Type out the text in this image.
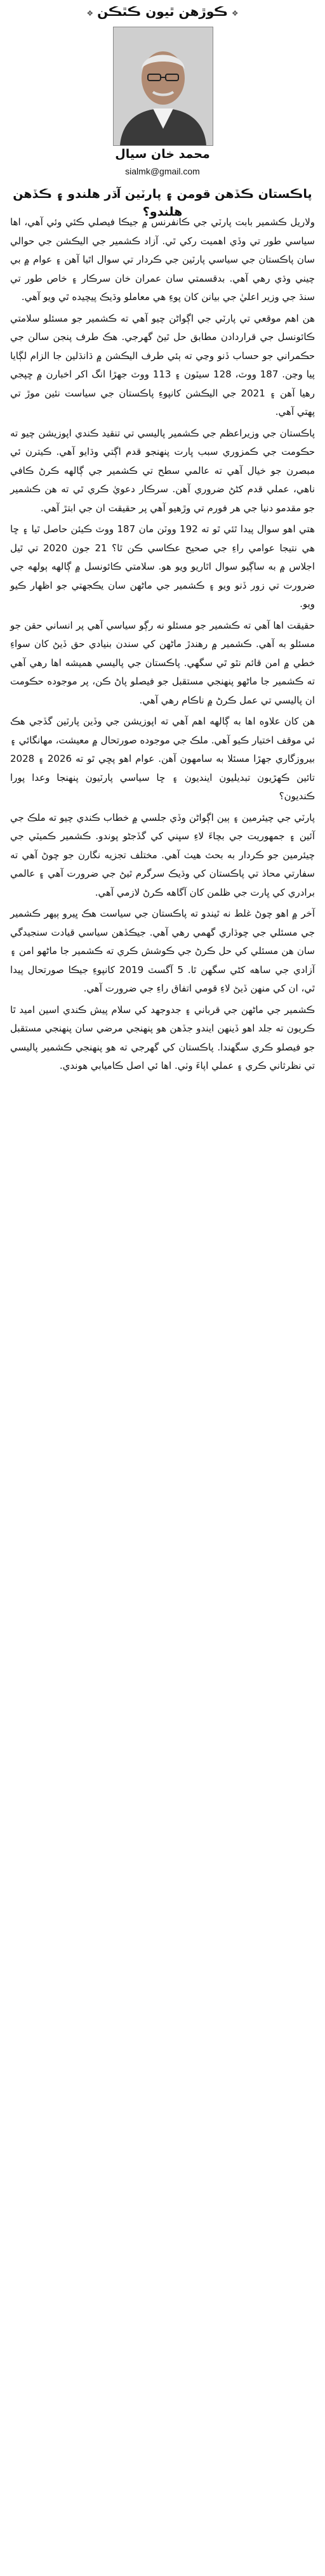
❖ڪوڙهن ٿيون ڪٿڪن❖
محمد خان سيال
sialmk@gmail.com
پاڪستان ڪڏهن قومن ۽ پارٽين آڌر هلندو ۽ ڪڏهن هلندو؟

ولاريل ڪشمير بابت پارٽي جي ڪانفرنس ۾ جيڪا فيصلي ڪئي وئي آهي، اها سياسي طور تي وڏي اهميت رکي ٿي. آزاد ڪشمير جي اليڪشن جي حوالي سان پاڪستان جي سياسي پارٽين جي ڪردار تي سوال اٿيا آهن ۽ عوام ۾ بي چيني وڌي رهي آهي. بدقسمتي سان عمران خان سرڪار ۽ خاص طور تي سنڌ جي وزير اعليٰ جي بيانن کان پوءِ هي معاملو وڌيڪ پيچيده ٿي ويو آهي.

هن اهم موقعي تي پارٽي جي اڳواڻن چيو آهي ته ڪشمير جو مسئلو سلامتي ڪائونسل جي قراردادن مطابق حل ٿيڻ گهرجي. هڪ طرف پنجن سالن جي حڪمراني جو حساب ڏنو وڃي ته ٻئي طرف اليڪشن ۾ ڌانڌلين جا الزام لڳايا پيا وڃن. 187 ووٽ، 128 سيٽون ۽ 113 ووٽ جهڙا انگ اکر اخبارن ۾ ڇپجي رهيا آهن ۽ 2021 جي اليڪشن کانپوءِ پاڪستان جي سياست نئين موڙ تي پهتي آهي.

پاڪستان جي وزيراعظم جي ڪشمير پاليسي تي تنقيد ڪندي اپوزيشن چيو ته حڪومت جي ڪمزوري سبب ڀارت پنهنجو قدم اڳتي وڌايو آهي. ڪيترن ئي مبصرن جو خيال آهي ته عالمي سطح تي ڪشمير جي ڳالهه ڪرڻ ڪافي ناهي، عملي قدم کڻڻ ضروري آهن. سرڪار دعويٰ ڪري ٿي ته هن ڪشمير جو مقدمو دنيا جي هر فورم تي وڙهيو آهي پر حقيقت ان جي ابتڙ آهي.

هتي اهو سوال پيدا ٿئي ٿو ته 192 ووٽن مان 187 ووٽ ڪيئن حاصل ٿيا ۽ ڇا هي نتيجا عوامي راءِ جي صحيح عڪاسي ڪن ٿا؟ 21 جون 2020 تي ٿيل اجلاس ۾ به ساڳيو سوال اٿاريو ويو هو. سلامتي ڪائونسل ۾ ڳالهه ٻولهه جي ضرورت تي زور ڏنو ويو ۽ ڪشمير جي ماڻهن سان يڪجهتي جو اظهار ڪيو ويو.

حقيقت اها آهي ته ڪشمير جو مسئلو نه رڳو سياسي آهي پر انساني حقن جو مسئلو به آهي. ڪشمير ۾ رهندڙ ماڻهن کي سندن بنيادي حق ڏيڻ کان سواءِ خطي ۾ امن قائم نٿو ٿي سگهي. پاڪستان جي پاليسي هميشه اها رهي آهي ته ڪشمير جا ماڻهو پنهنجي مستقبل جو فيصلو پاڻ ڪن، پر موجوده حڪومت ان پاليسي تي عمل ڪرڻ ۾ ناڪام رهي آهي.

هن کان علاوه اها به ڳالهه اهم آهي ته اپوزيشن جي وڏين پارٽين گڏجي هڪ ئي موقف اختيار ڪيو آهي. ملڪ جي موجوده صورتحال ۾ معيشت، مهانگائي ۽ بيروزگاري جهڙا مسئلا به سامهون آهن. عوام اهو پڇي ٿو ته 2026 ۽ 2028 تائين ڪهڙيون تبديليون اينديون ۽ ڇا سياسي پارٽيون پنهنجا وعدا پورا ڪنديون؟

پارٽي جي چيئرمين ۽ ٻين اڳواڻن وڏي جلسي ۾ خطاب ڪندي چيو ته ملڪ جي آئين ۽ جمهوريت جي بچاءَ لاءِ سڀني کي گڏجڻو پوندو. ڪشمير ڪميٽي جي چيئرمين جو ڪردار به بحث هيٺ آهي. مختلف تجزيه نگارن جو چوڻ آهي ته سفارتي محاذ تي پاڪستان کي وڌيڪ سرگرم ٿيڻ جي ضرورت آهي ۽ عالمي برادري کي ڀارت جي ظلمن کان آگاهه ڪرڻ لازمي آهي.

آخر ۾ اهو چوڻ غلط نه ٿيندو ته پاڪستان جي سياست هڪ ڀيرو ٻيهر ڪشمير جي مسئلي جي چوڌاري گهمي رهي آهي. جيڪڏهن سياسي قيادت سنجيدگي سان هن مسئلي کي حل ڪرڻ جي ڪوشش ڪري ته ڪشمير جا ماڻهو امن ۽ آزادي جي ساهه کڻي سگهن ٿا. 5 آگسٽ 2019 کانپوءِ جيڪا صورتحال پيدا ٿي، ان کي منهن ڏيڻ لاءِ قومي اتفاق راءِ جي ضرورت آهي.

ڪشمير جي ماڻهن جي قرباني ۽ جدوجهد کي سلام پيش ڪندي اسين اميد ٿا ڪريون ته جلد اهو ڏينهن ايندو جڏهن هو پنهنجي مرضي سان پنهنجي مستقبل جو فيصلو ڪري سگهندا. پاڪستان کي گهرجي ته هو پنهنجي ڪشمير پاليسي تي نظرثاني ڪري ۽ عملي اپاءَ وٺي. اها ئي اصل ڪاميابي هوندي.
